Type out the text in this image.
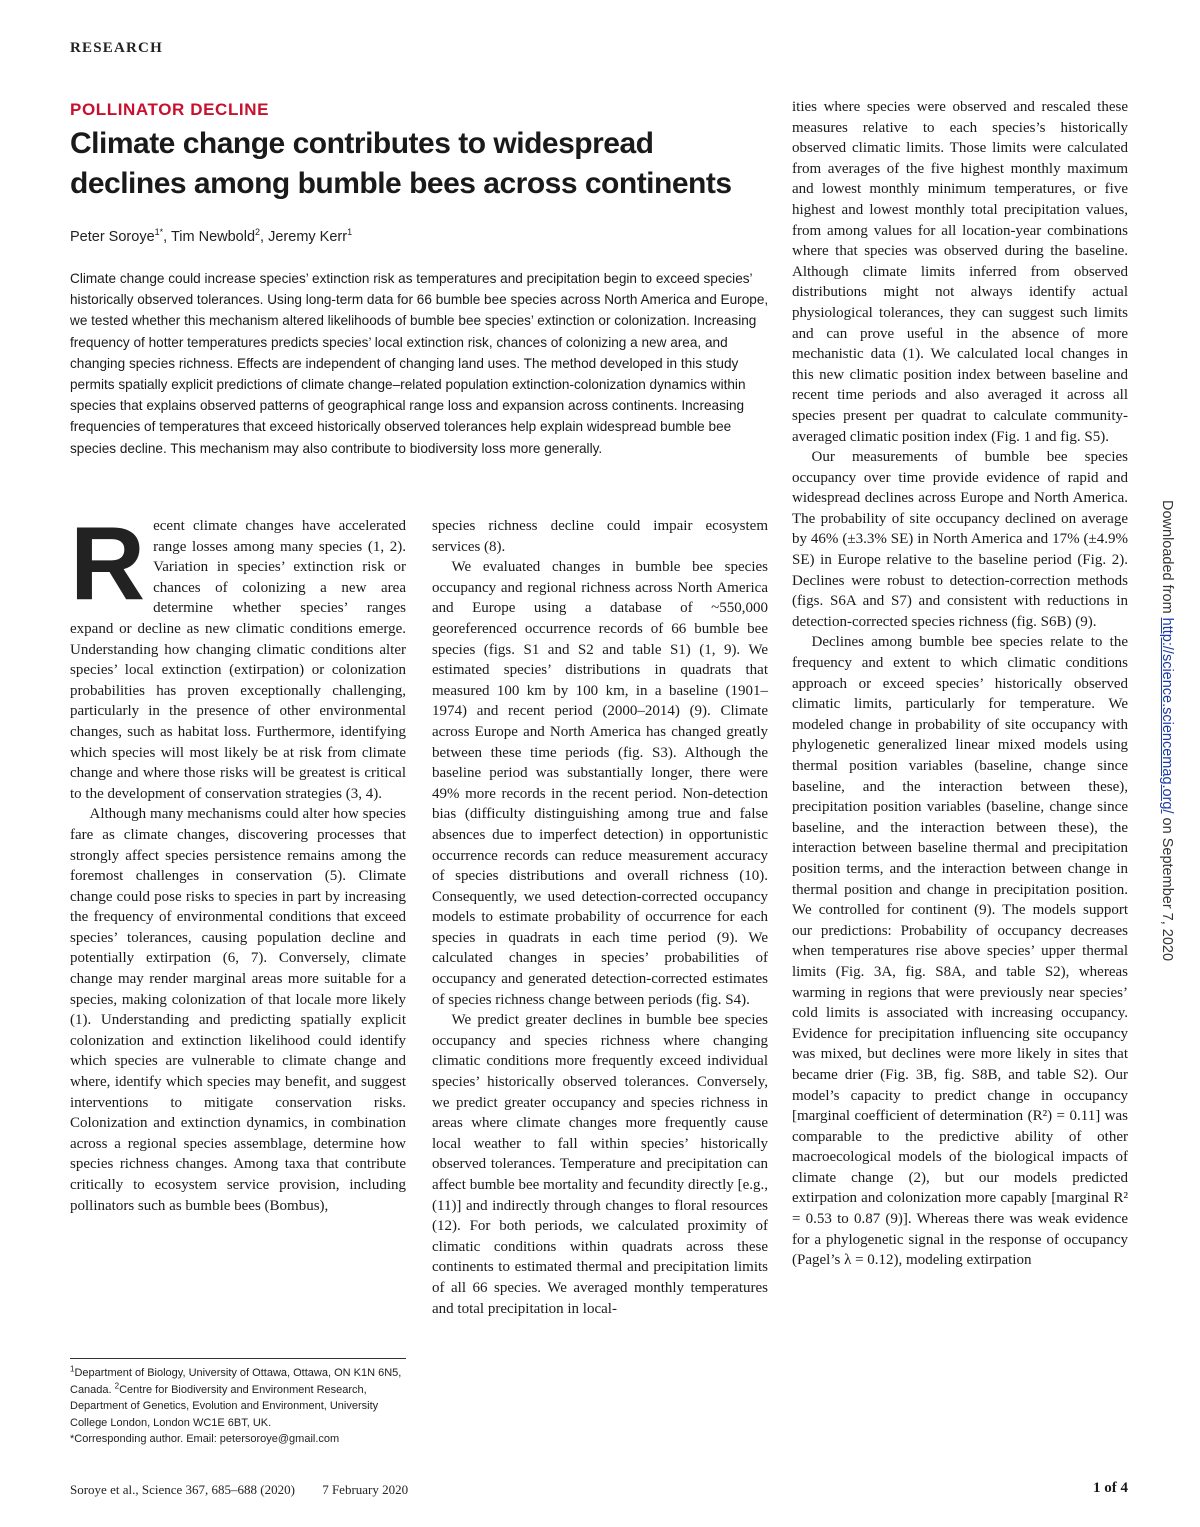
RESEARCH
POLLINATOR DECLINE
Climate change contributes to widespread declines among bumble bees across continents
Peter Soroye$^{1*}$, Tim Newbold$^2$, Jeremy Kerr$^1$

Climate change could increase species’ extinction risk as temperatures and precipitation begin to exceed species’ historically observed tolerances. Using long-term data for 66 bumble bee species across North America and Europe, we tested whether this mechanism altered likelihoods of bumble bee species’ extinction or colonization. Increasing frequency of hotter temperatures predicts species’ local extinction risk, chances of colonizing a new area, and changing species richness. Effects are independent of changing land uses. The method developed in this study permits spatially explicit predictions of climate change–related population extinction-colonization dynamics within species that explains observed patterns of geographical range loss and expansion across continents. Increasing frequencies of temperatures that exceed historically observed tolerances help explain widespread bumble bee species decline. This mechanism may also contribute to biodiversity loss more generally.

R ecent climate changes have accelerated range losses among many species (1, 2). Variation in species’ extinction risk or chances of colonizing a new area determine whether species’ ranges expand or decline as new climatic conditions emerge. Understanding how changing climatic conditions alter species’ local extinction (extirpation) or colonization probabilities has proven exceptionally challenging, particularly in the presence of other environmental changes, such as habitat loss. Furthermore, identifying which species will most likely be at risk from climate change and where those risks will be greatest is critical to the development of conservation strategies (3, 4).

Although many mechanisms could alter how species fare as climate changes, discovering processes that strongly affect species persistence remains among the foremost challenges in conservation (5). Climate change could pose risks to species in part by increasing the frequency of environmental conditions that exceed species’ tolerances, causing population decline and potentially extirpation (6, 7). Conversely, climate change may render marginal areas more suitable for a species, making colonization of that locale more likely (1). Understanding and predicting spatially explicit colonization and extinction likelihood could identify which species are vulnerable to climate change and where, identify which species may benefit, and suggest interventions to mitigate conservation risks. Colonization and extinction dynamics, in combination across a regional species assemblage, determine how species richness changes. Among taxa that contribute critically to ecosystem service provision, including pollinators such as bumble bees (Bombus),

species richness decline could impair ecosystem services (8).

We evaluated changes in bumble bee species occupancy and regional richness across North America and Europe using a database of ~550,000 georeferenced occurrence records of 66 bumble bee species (figs. S1 and S2 and table S1) (1, 9). We estimated species’ distributions in quadrats that measured 100 km by 100 km, in a baseline (1901–1974) and recent period (2000–2014) (9). Climate across Europe and North America has changed greatly between these time periods (fig. S3). Although the baseline period was substantially longer, there were 49% more records in the recent period. Non-detection bias (difficulty distinguishing among true and false absences due to imperfect detection) in opportunistic occurrence records can reduce measurement accuracy of species distributions and overall richness (10). Consequently, we used detection-corrected occupancy models to estimate probability of occurrence for each species in quadrats in each time period (9). We calculated changes in species’ probabilities of occupancy and generated detection-corrected estimates of species richness change between periods (fig. S4).

We predict greater declines in bumble bee species occupancy and species richness where changing climatic conditions more frequently exceed individual species’ historically observed tolerances. Conversely, we predict greater occupancy and species richness in areas where climate changes more frequently cause local weather to fall within species’ historically observed tolerances. Temperature and precipitation can affect bumble bee mortality and fecundity directly [e.g., (11)] and indirectly through changes to floral resources (12). For both periods, we calculated proximity of climatic conditions within quadrats across these continents to estimated thermal and precipitation limits of all 66 species. We averaged monthly temperatures and total precipitation in local-

ities where species were observed and rescaled these measures relative to each species’s historically observed climatic limits. Those limits were calculated from averages of the five highest monthly maximum and lowest monthly minimum temperatures, or five highest and lowest monthly total precipitation values, from among values for all location-year combinations where that species was observed during the baseline. Although climate limits inferred from observed distributions might not always identify actual physiological tolerances, they can suggest such limits and can prove useful in the absence of more mechanistic data (1). We calculated local changes in this new climatic position index between baseline and recent time periods and also averaged it across all species present per quadrat to calculate community-averaged climatic position index (Fig. 1 and fig. S5).

Our measurements of bumble bee species occupancy over time provide evidence of rapid and widespread declines across Europe and North America. The probability of site occupancy declined on average by 46% (±3.3% SE) in North America and 17% (±4.9% SE) in Europe relative to the baseline period (Fig. 2). Declines were robust to detection-correction methods (figs. S6A and S7) and consistent with reductions in detection-corrected species richness (fig. S6B) (9).

Declines among bumble bee species relate to the frequency and extent to which climatic conditions approach or exceed species’ historically observed climatic limits, particularly for temperature. We modeled change in probability of site occupancy with phylogenetic generalized linear mixed models using thermal position variables (baseline, change since baseline, and the interaction between these), precipitation position variables (baseline, change since baseline, and the interaction between these), the interaction between baseline thermal and precipitation position terms, and the interaction between change in thermal position and change in precipitation position. We controlled for continent (9). The models support our predictions: Probability of occupancy decreases when temperatures rise above species’ upper thermal limits (Fig. 3A, fig. S8A, and table S2), whereas warming in regions that were previously near species’ cold limits is associated with increasing occupancy. Evidence for precipitation influencing site occupancy was mixed, but declines were more likely in sites that became drier (Fig. 3B, fig. S8B, and table S2). Our model’s capacity to predict change in occupancy [marginal coefficient of determination (R²) = 0.11] was comparable to the predictive ability of other macroecological models of the biological impacts of climate change (2), but our models predicted extirpation and colonization more capably [marginal R² = 0.53 to 0.87 (9)]. Whereas there was weak evidence for a phylogenetic signal in the response of occupancy (Pagel’s λ = 0.12), modeling extirpation

$^1$Department of Biology, University of Ottawa, Ottawa, ON K1N 6N5, Canada. $^2$Centre for Biodiversity and Environment Research, Department of Genetics, Evolution and Environment, University College London, London WC1E 6BT, UK.
*Corresponding author. Email: petersoroye@gmail.com
Soroye et al., Science 367, 685–688 (2020) 7 February 2020	1 of 4
Downloaded from http://science.sciencemag.org/ on September 7, 2020
